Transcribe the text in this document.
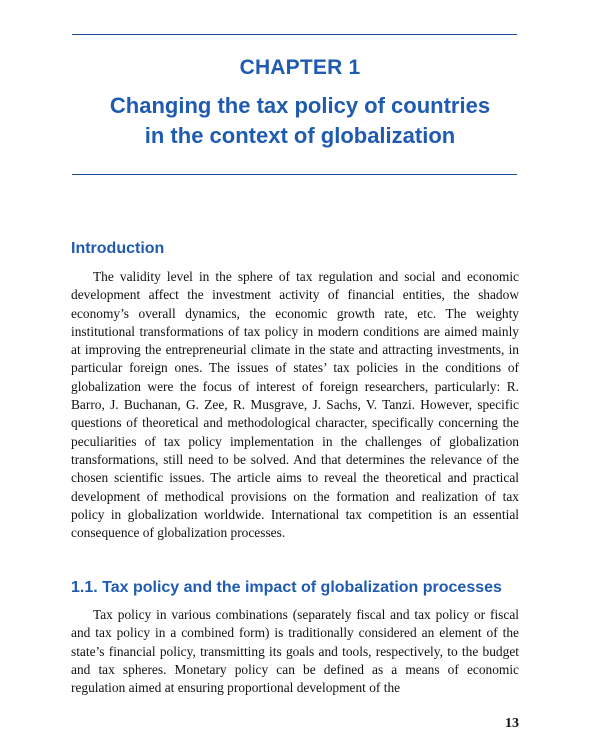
CHAPTER 1
Changing the tax policy of countries
in the context of globalization
Introduction

The validity level in the sphere of tax regulation and social and economic development affect the investment activity of financial entities, the shadow economy’s overall dynamics, the economic growth rate, etc. The weighty institutional transformations of tax policy in modern conditions are aimed mainly at improving the entrepreneurial climate in the state and attracting investments, in particular foreign ones. The issues of states’ tax policies in the conditions of globalization were the focus of interest of foreign researchers, particularly: R. Barro, J. Buchanan, G. Zee, R. Musgrave, J. Sachs, V. Tanzi. However, specific questions of theoretical and methodological character, specifically concerning the peculiarities of tax policy implementation in the challenges of globalization transformations, still need to be solved. And that determines the relevance of the chosen scientific issues. The article aims to reveal the theoretical and practical development of methodical provisions on the formation and realization of tax policy in globalization worldwide. International tax competition is an essential consequence of globalization processes.

1.1. Tax policy and the impact of globalization processes

Tax policy in various combinations (separately fiscal and tax policy or fiscal and tax policy in a combined form) is traditionally considered an element of the state’s financial policy, transmitting its goals and tools, respectively, to the budget and tax spheres. Monetary policy can be defined as a means of economic regulation aimed at ensuring proportional development of the

13
